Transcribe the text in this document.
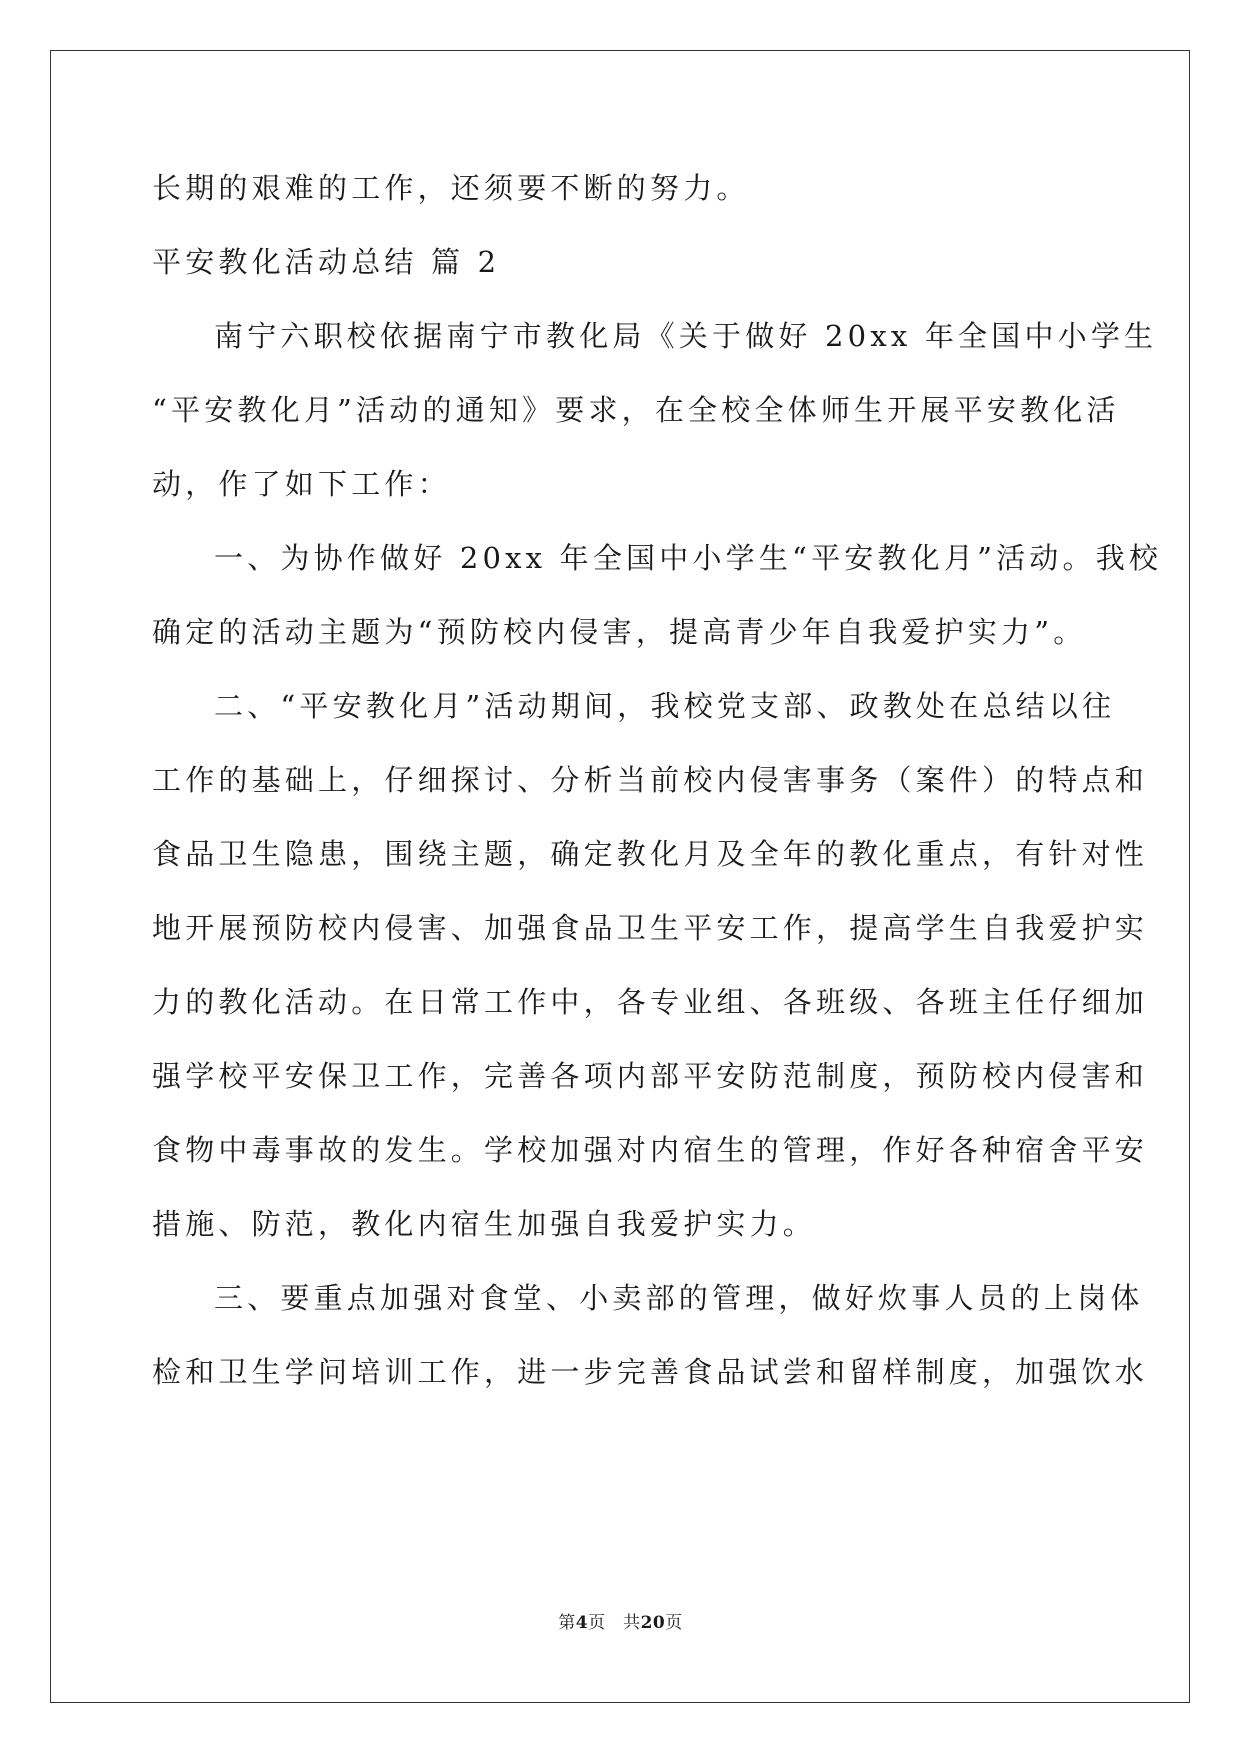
长期的艰难的工作，还须要不断的努力。
平安教化活动总结 篇 2
南宁六职校依据南宁市教化局《关于做好 20xx 年全国中小学生
“平安教化月”活动的通知》要求，在全校全体师生开展平安教化活
动，作了如下工作：
一、为协作做好 20xx 年全国中小学生“平安教化月”活动。我校
确定的活动主题为“预防校内侵害，提高青少年自我爱护实力”。
二、“平安教化月”活动期间，我校党支部、政教处在总结以往
工作的基础上，仔细探讨、分析当前校内侵害事务（案件）的特点和
食品卫生隐患，围绕主题，确定教化月及全年的教化重点，有针对性
地开展预防校内侵害、加强食品卫生平安工作，提高学生自我爱护实
力的教化活动。在日常工作中，各专业组、各班级、各班主任仔细加
强学校平安保卫工作，完善各项内部平安防范制度，预防校内侵害和
食物中毒事故的发生。学校加强对内宿生的管理，作好各种宿舍平安
措施、防范，教化内宿生加强自我爱护实力。
三、要重点加强对食堂、小卖部的管理，做好炊事人员的上岗体
检和卫生学问培训工作，进一步完善食品试尝和留样制度，加强饮水
第4页　共20页
